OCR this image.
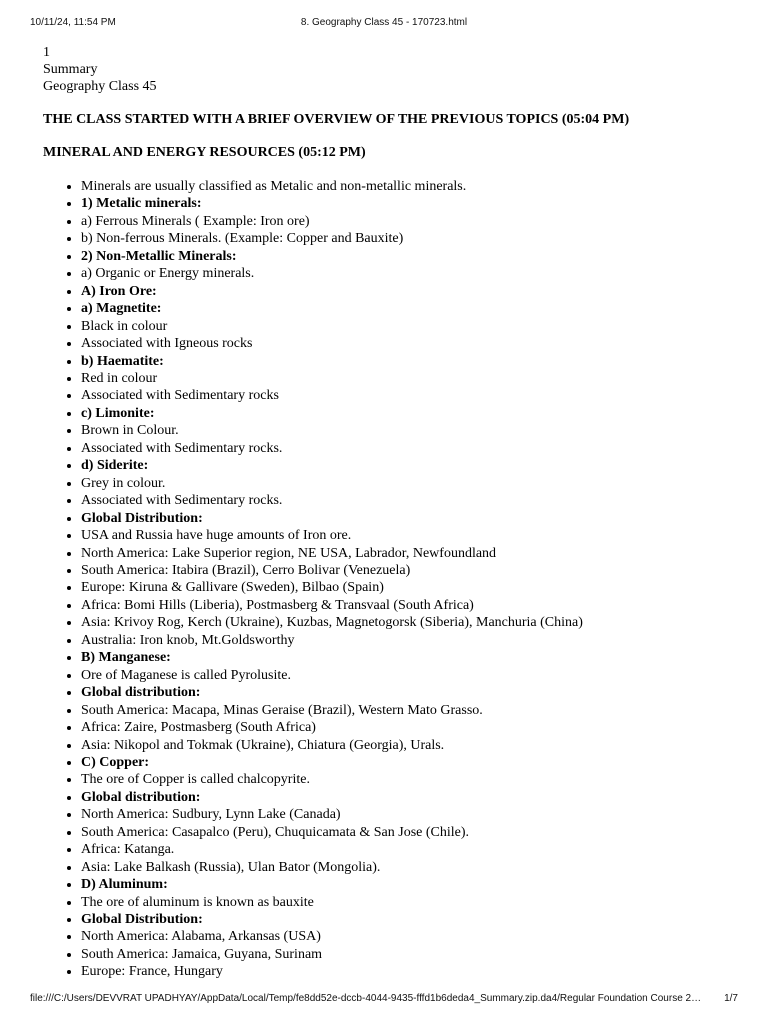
10/11/24, 11:54 PM	8. Geography Class 45 - 170723.html
1
Summary
Geography Class 45
THE CLASS STARTED WITH A BRIEF OVERVIEW OF THE PREVIOUS TOPICS (05:04 PM)
MINERAL AND ENERGY RESOURCES (05:12 PM)
• Minerals are usually classified as Metalic and non-metallic minerals.
• 1) Metalic minerals:
• a) Ferrous Minerals ( Example: Iron ore)
• b) Non-ferrous Minerals. (Example: Copper and Bauxite)
• 2) Non-Metallic Minerals:
• a) Organic or Energy minerals.
• A) Iron Ore:
• a) Magnetite:
• Black in colour
• Associated with Igneous rocks
• b) Haematite:
• Red in colour
• Associated with Sedimentary rocks
• c) Limonite:
• Brown in Colour.
• Associated with Sedimentary rocks.
• d) Siderite:
• Grey in colour.
• Associated with Sedimentary rocks.
• Global Distribution:
• USA and Russia have huge amounts of Iron ore.
• North America: Lake Superior region, NE USA, Labrador, Newfoundland
• South America: Itabira (Brazil), Cerro Bolivar (Venezuela)
• Europe: Kiruna & Gallivare (Sweden), Bilbao (Spain)
• Africa: Bomi Hills (Liberia), Postmasberg & Transvaal (South Africa)
• Asia: Krivoy Rog, Kerch (Ukraine), Kuzbas, Magnetogorsk (Siberia), Manchuria (China)
• Australia: Iron knob, Mt.Goldsworthy
• B) Manganese:
• Ore of Maganese is called Pyrolusite.
• Global distribution:
• South America: Macapa, Minas Geraise (Brazil), Western Mato Grasso.
• Africa: Zaire, Postmasberg (South Africa)
• Asia: Nikopol and Tokmak (Ukraine), Chiatura (Georgia), Urals.
• C) Copper:
• The ore of Copper is called chalcopyrite.
• Global distribution:
• North America: Sudbury, Lynn Lake (Canada)
• South America: Casapalco (Peru), Chuquicamata & San Jose (Chile).
• Africa: Katanga.
• Asia: Lake Balkash (Russia), Ulan Bator (Mongolia).
• D) Aluminum:
• The ore of aluminum is known as bauxite
• Global Distribution:
• North America: Alabama, Arkansas (USA)
• South America: Jamaica, Guyana, Surinam
• Europe: France, Hungary
file:///C:/Users/DEVVRAT UPADHYAY/AppData/Local/Temp/fe8dd52e-dccb-4044-9435-fffd1b6deda4_Summary.zip.da4/Regular Foundation Course 2…	1/7
